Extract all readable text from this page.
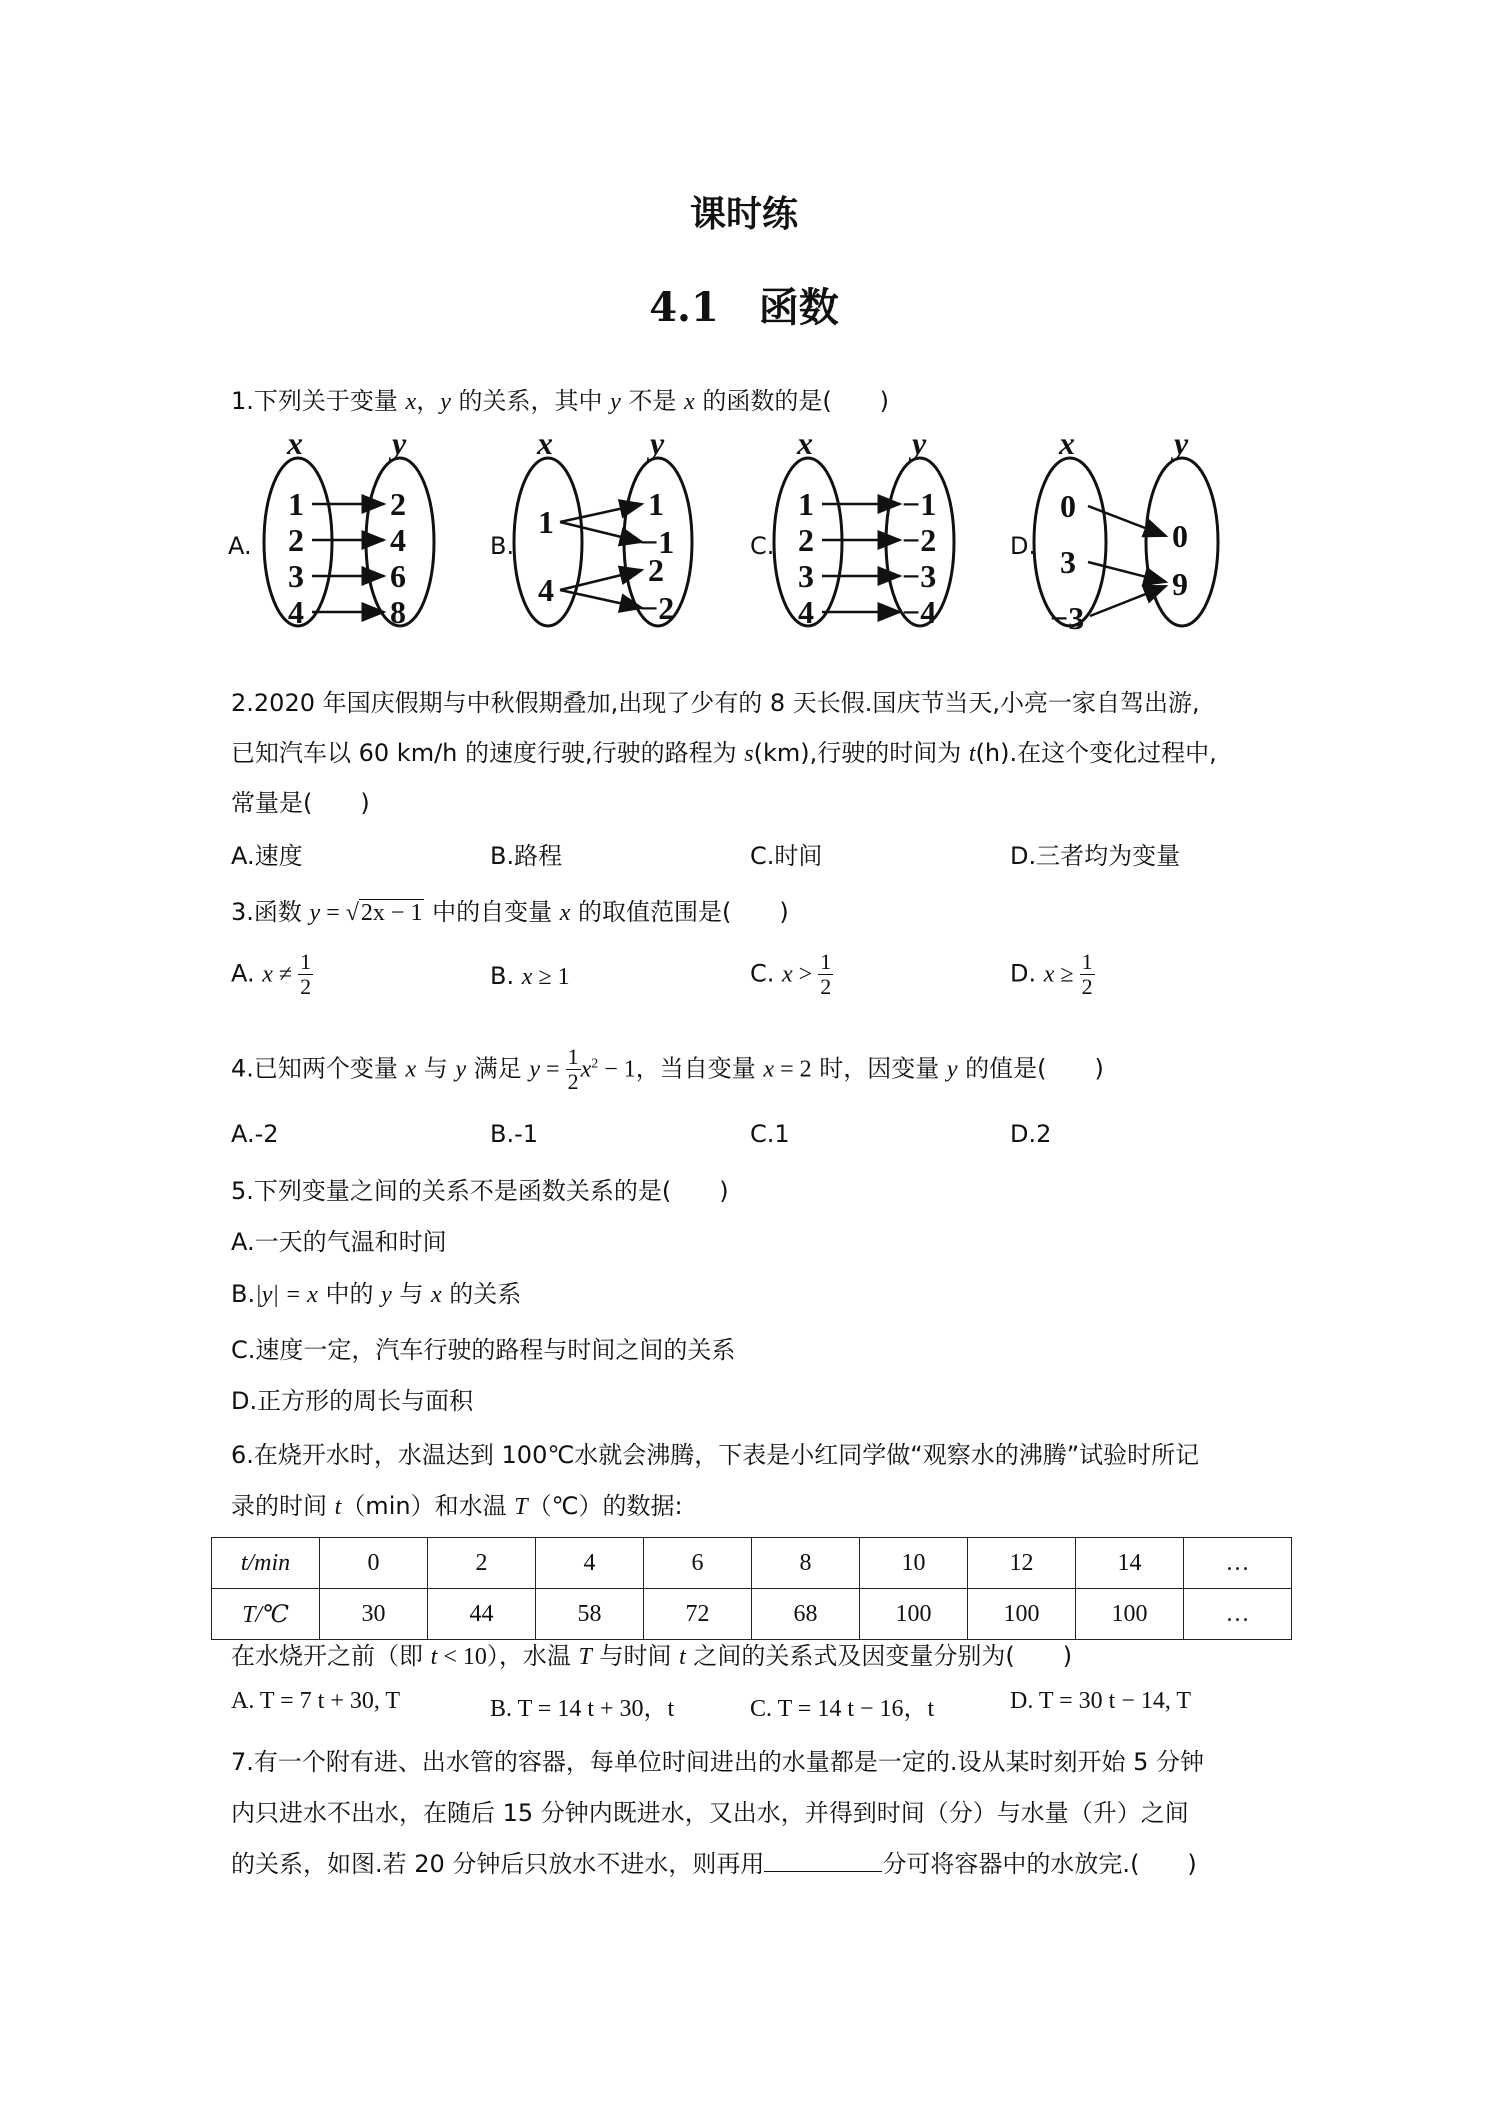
课时练
4.1　函数
1.下列关于变量 x，y 的关系，其中 y 不是 x 的函数的是(　　)
A.	B.	C.	D.
x	y	x	y	x	y	x	y
1
2
3
4
2
4
6
8
1
4
1
−1
2
−2
1
2
3
4
−1
−2
−3
−4
0
3
−3
0
9
2.2020 年国庆假期与中秋假期叠加,出现了少有的 8 天长假.国庆节当天,小亮一家自驾出游,
已知汽车以 60 km/h 的速度行驶,行驶的路程为 s(km),行驶的时间为 t(h).在这个变化过程中,
常量是(　　)
A.速度	B.路程	C.时间	D.三者均为变量
3.函数 y = √2x − 1 中的自变量 x 的取值范围是(　　)
A. $x \ne \frac{1}{2}$	B. x ≥ 1	C. $x > \frac{1}{2}$	D. $x \ge \frac{1}{2}$
4.已知两个变量 x 与 y 满足 $y = \frac{1}{2} x^2 - 1$，当自变量 x = 2 时，因变量 y 的值是(　　)
A.-2	B.-1	C.1	D.2
5.下列变量之间的关系不是函数关系的是(　　)
A.一天的气温和时间
B.|y| = x 中的 y 与 x 的关系
C.速度一定，汽车行驶的路程与时间之间的关系
D.正方形的周长与面积
6.在烧开水时，水温达到 100℃水就会沸腾，下表是小红同学做“观察水的沸腾”试验时所记
录的时间 t（min）和水温 T（℃）的数据:
t/min	0	2	4	6	8	10	12	14	…
T/℃	30	44	58	72	68	100	100	100	…
在水烧开之前（即 t < 10），水温 T 与时间 t 之间的关系式及因变量分别为(　　)
A. T = 7 t + 30, T	B. T = 14 t + 30，t	C. T = 14 t − 16，t	D. T = 30 t − 14, T
7.有一个附有进、出水管的容器，每单位时间进出的水量都是一定的.设从某时刻开始 5 分钟
内只进水不出水，在随后 15 分钟内既进水，又出水，并得到时间（分）与水量（升）之间
的关系，如图.若 20 分钟后只放水不进水，则再用	分可将容器中的水放完.(　　)
